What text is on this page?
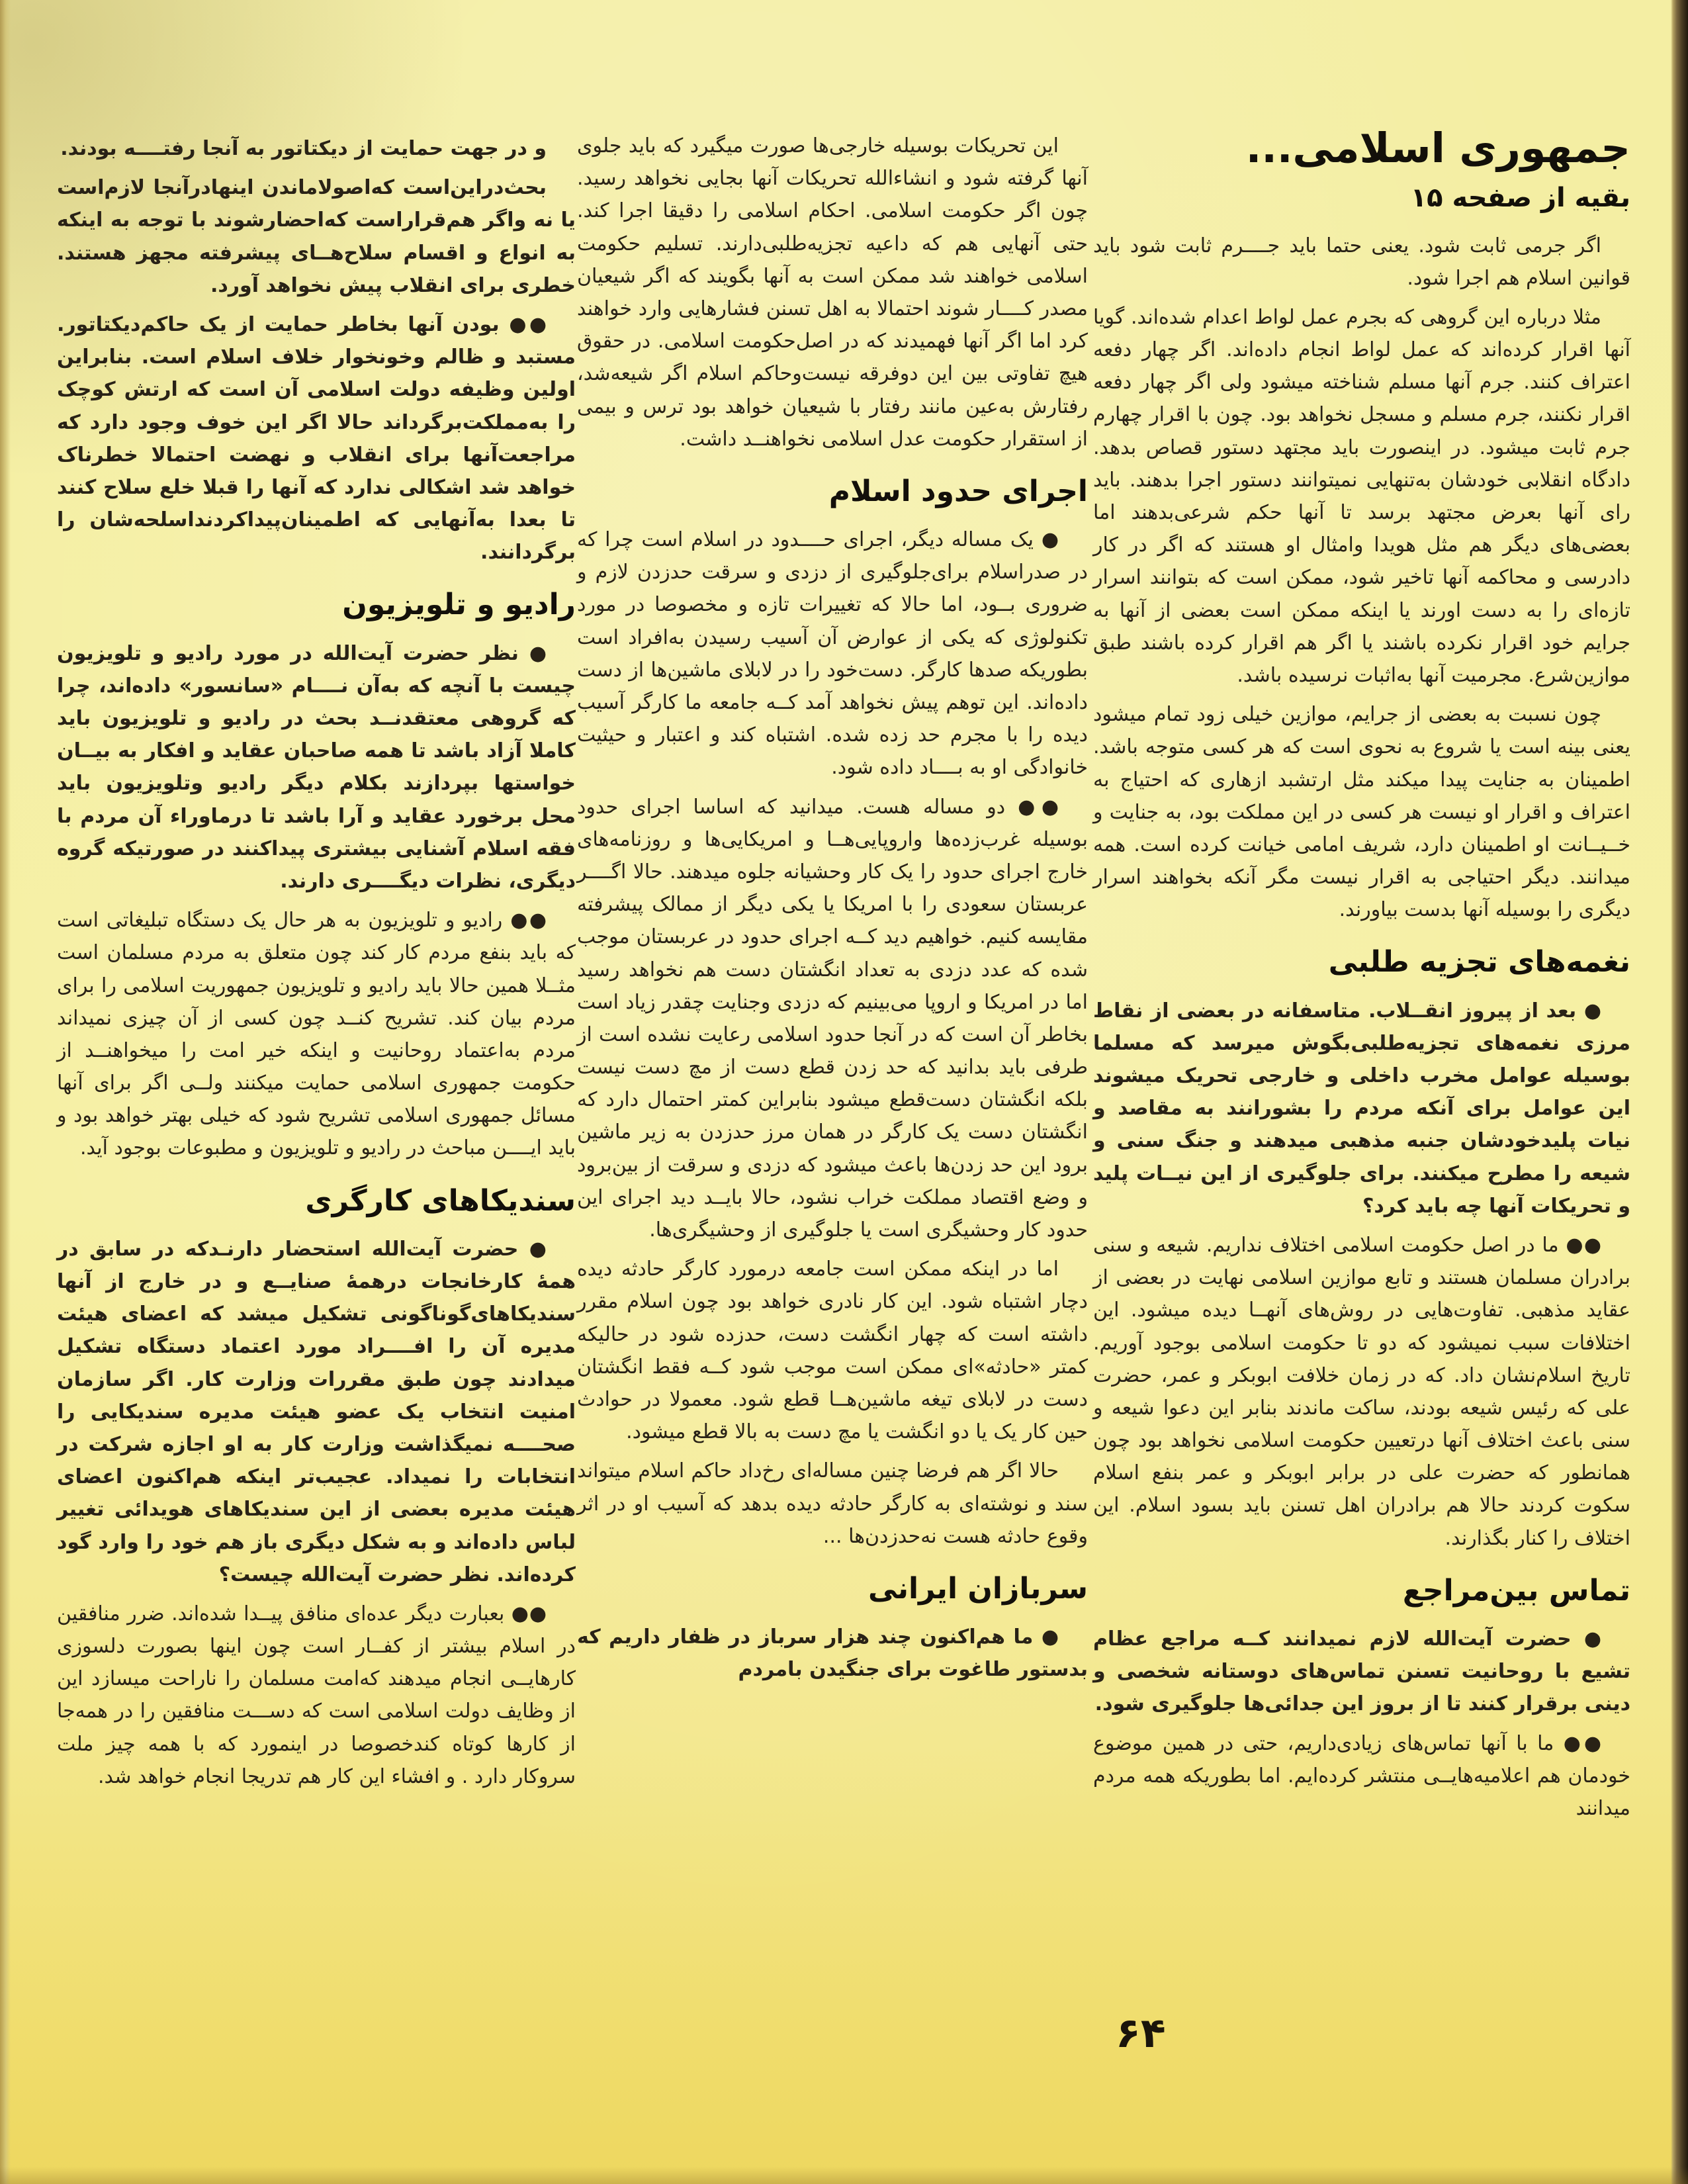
جمهوری اسلامی...
بقیه از صفحه ۱۵
اگر جرمی ثابت شود. یعنی حتما باید جــــرم ثابت شود باید قوانین اسلام هم اجرا شود.
مثلا درباره این گروهی که بجرم عمل لواط اعدام شده‌اند. گویا آنها اقرار کرده‌اند که عمل لواط انجام داده‌اند. اگر چهار دفعه اعتراف کنند. جرم آنها مسلم شناخته میشود ولی اگر چهار دفعه اقرار نکنند، جرم مسلم و مسجل نخواهد بود. چون با اقرار چهارم جرم ثابت میشود. در اینصورت باید مجتهد دستور قصاص بدهد. دادگاه انقلابی خودشان به‌تنهایی نمیتوانند دستور اجرا بدهند. باید رای آنها بعرض مجتهد برسد تا آنها حکم شرعی‌بدهند اما بعضی‌های دیگر هم مثل هویدا وامثال او هستند که اگر در کار دادرسی و محاکمه آنها تاخیر شود، ممکن است که بتوانند اسرار تازه‌ای را به دست اورند یا اینکه ممکن است بعضی از آنها به جرایم خود اقرار نکرده باشند یا اگر هم اقرار کرده باشند طبق موازین‌شرع. مجرمیت آنها به‌اثبات نرسیده باشد.
چون نسبت به بعضی از جرایم، موازین خیلی زود تمام میشود یعنی بینه است یا شروع به نحوی است که هر کسی متوجه باشد. اطمینان به جنایت پیدا میکند مثل ارتشبد ازهاری که احتیاج به اعتراف و اقرار او نیست هر کسی در این مملکت بود، به جنایت و خــیــانت او اطمینان دارد، شریف امامی خیانت کرده است. همه میدانند. دیگر احتیاجی به اقرار نیست مگر آنکه بخواهند اسرار دیگری را بوسیله آنها بدست بیاورند.
نغمه‌های تجزیه طلبی
● بعد از پیروز انقــلاب. متاسفانه در بعضی از نقاط مرزی نغمه‌های تجزیه‌طلبی‌بگوش میرسد که مسلما بوسیله عوامل مخرب داخلی و خارجی تحریک میشوند این عوامل برای آنکه مردم را بشورانند به مقاصد و نیات پلیدخودشان جنبه مذهبی میدهند و جنگ سنی و شیعه را مطرح میکنند. برای جلوگیری از این نیــات پلید و تحریکات آنها چه باید کرد؟
●● ما در اصل حکومت اسلامی اختلاف نداریم. شیعه و سنی برادران مسلمان هستند و تابع موازین اسلامی نهایت در بعضی از عقاید مذهبی. تفاوت‌هایی در روش‌های آنهــا دیده میشود. این اختلافات سبب نمیشود که دو تا حکومت اسلامی بوجود آوریم. تاریخ اسلام‌نشان داد. که در زمان خلافت ابوبکر و عمر، حضرت علی که رئیس شیعه بودند، ساکت ماندند بنابر این دعوا شیعه و سنی باعث اختلاف آنها درتعیین حکومت اسلامی نخواهد بود چون همانطور که حضرت علی در برابر ابوبکر و عمر بنفع اسلام سکوت کردند حالا هم برادران اهل تسنن باید بسود اسلام. این اختلاف را کنار بگذارند.
تماس بین‌مراجع
● حضرت آیت‌الله لازم نمیدانند کــه مراجع عظام تشیع با روحانیت تسنن تماس‌های دوستانه شخصی و دینی برقرار کنند تا از بروز این جدائی‌ها جلوگیری شود.
●● ما با آنها تماس‌های زیادی‌داریم، حتی در همین موضوع خودمان هم اعلامیه‌هایــی منتشر کرده‌ایم. اما بطوریکه همه مردم میدانند
این تحریکات بوسیله خارجی‌ها صورت میگیرد که باید جلوی آنها گرفته شود و انشاءالله تحریکات آنها بجایی نخواهد رسید. چون اگر حکومت اسلامی. احکام اسلامی را دقیقا اجرا کند. حتی آنهایی هم که داعیه تجزیه‌طلبی‌دارند. تسلیم حکومت اسلامی خواهند شد ممکن است به آنها بگویند که اگر شیعیان مصدر کــــار شوند احتمالا به اهل تسنن فشارهایی وارد خواهند کرد اما اگر آنها فهمیدند که در اصل‌حکومت اسلامی. در حقوق هیچ تفاوتی بین این دوفرقه نیست‌وحاکم اسلام اگر شیعه‌شد، رفتارش به‌عین مانند رفتار با شیعیان خواهد بود ترس و بیمی از استقرار حکومت عدل اسلامی نخواهنــد داشت.
اجرای حدود اسلام
● یک مساله دیگر، اجرای حــــدود در اسلام است چرا که در صدراسلام برای‌جلوگیری از دزدی و سرقت حدزدن لازم و ضروری بــود، اما حالا که تغییرات تازه و مخصوصا در مورد تکنولوژی که یکی از عوارض آن آسیب رسیدن به‌افراد است بطوریکه صدها کارگر. دست‌خود را در لابلای ماشین‌ها از دست داده‌اند. این توهم پیش نخواهد آمد کــه جامعه ما کارگر آسیب دیده را با مجرم حد زده شده. اشتباه کند و اعتبار و حیثیت خانوادگی او به بــــاد داده شود.
●● دو مساله هست. میدانید که اساسا اجرای حدود بوسیله غرب‌زده‌ها واروپایی‌هــا و امریکایی‌ها و روزنامه‌های خارج اجرای حدود را یک کار وحشیانه جلوه میدهند. حالا اگــــر عربستان سعودی را با امریکا یا یکی دیگر از ممالک پیشرفته مقایسه کنیم. خواهیم دید کــه اجرای حدود در عربستان موجب شده که عدد دزدی به تعداد انگشتان دست هم نخواهد رسید اما در امریکا و اروپا می‌بینیم که دزدی وجنایت چقدر زیاد است بخاطر آن است که در آنجا حدود اسلامی رعایت نشده است از طرفی باید بدانید که حد زدن قطع دست از مچ دست نیست بلکه انگشتان دست‌قطع میشود بنابراین کمتر احتمال دارد که انگشتان دست یک کارگر در همان مرز حدزدن به زیر ماشین برود این حد زدن‌ها باعث میشود که دزدی و سرقت از بین‌برود و وضع اقتصاد مملکت خراب نشود، حالا بایــد دید اجرای این حدود کار وحشیگری است یا جلوگیری از وحشیگری‌ها.
اما در اینکه ممکن است جامعه درمورد کارگر حادثه دیده دچار اشتباه شود. این کار نادری خواهد بود چون اسلام مقرر داشته است که چهار انگشت دست، حدزده شود در حالیکه کمتر «حادثه»ای ممکن است موجب شود کــه فقط انگشتان دست در لابلای تیغه ماشین‌هــا قطع شود. معمولا در حوادث حین کار یک یا دو انگشت یا مچ دست به بالا قطع میشود.
حالا اگر هم فرضا چنین مساله‌ای رخ‌داد حاکم اسلام میتواند سند و نوشته‌ای به کارگر حادثه دیده بدهد که آسیب او در اثر وقوع حادثه هست نه‌حدزدن‌ها ...
سربازان ایرانی
● ما هم‌اکنون چند هزار سرباز در ظفار داریم که بدستور طاغوت برای جنگیدن بامردم
و در جهت حمایت از دیکتاتور به آنجا رفتــــه بودند.
بحث‌دراین‌است که‌اصولاماندن اینهادرآنجا لازم‌است یا نه واگر هم‌قراراست که‌احضارشوند با توجه به اینکه به انواع و اقسام سلاح‌هــای پیشرفته مجهز هستند. خطری برای انقلاب پیش نخواهد آورد.
●● بودن آنها بخاطر حمایت از یک حاکم‌دیکتاتور. مستبد و ظالم وخونخوار خلاف اسلام است. بنابراین اولین وظیفه دولت اسلامی آن است که ارتش کوچک را به‌مملکت‌برگرداند حالا اگر این خوف وجود دارد که مراجعت‌آنها برای انقلاب و نهضت احتمالا خطرناک خواهد شد اشکالی ندارد که آنها را قبلا خلع سلاح کنند تا بعدا به‌آنهایی که اطمینان‌پیداکردنداسلحه‌شان را برگردانند.
رادیو و تلویزیون
● نظر حضرت آیت‌الله در مورد رادیو و تلویزیون چیست با آنچه که به‌آن نــــام «سانسور» داده‌اند، چرا که گروهی معتقدنــد بحث در رادیو و تلویزیون باید کاملا آزاد باشد تا همه صاحبان عقاید و افکار به بیــان خواستها بپردازند بکلام دیگر رادیو وتلویزیون باید محل برخورد عقاید و آرا باشد تا درماوراء آن مردم با فقه اسلام آشنایی بیشتری پیداکنند در صورتیکه گروه دیگری، نظرات دیگــــری دارند.
●● رادیو و تلویزیون به هر حال یک دستگاه تبلیغاتی است که باید بنفع مردم کار کند چون متعلق به مردم مسلمان است مثــلا همین حالا باید رادیو و تلویزیون جمهوریت اسلامی را برای مردم بیان کند. تشریح کنــد چون کسی از آن چیزی نمیداند مردم به‌اعتماد روحانیت و اینکه خیر امت را میخواهنــد از حکومت جمهوری اسلامی حمایت میکنند ولــی اگر برای آنها مسائل جمهوری اسلامی تشریح شود که خیلی بهتر خواهد بود و باید ایــــن مباحث در رادیو و تلویزیون و مطبوعات بوجود آید.
سندیکاهای کارگری
● حضرت آیت‌الله استحضار دارنـدکه در سابق در همهٔ کارخانجات درهمهٔ صنایــع و در خارج از آنها سندیکاهای‌گوناگونی تشکیل میشد که اعضای هیئت مدیره آن را افــــراد مورد اعتماد دستگاه تشکیل میدادند چون طبق مقررات وزارت کار. اگر سازمان امنیت انتخاب یک عضو هیئت مدیره سندیکایی را صحــــه نمیگذاشت وزارت کار به او اجازه شرکت در انتخابات را نمیداد. عجیب‌تر اینکه هم‌اکنون اعضای هیئت مدیره بعضی از این سندیکاهای هویدائی تغییر لباس داده‌اند و به شکل دیگری باز هم خود را وارد گود کرده‌اند. نظر حضرت آیت‌الله چیست؟
●● بعبارت دیگر عده‌ای منافق پیــدا شده‌اند. ضرر منافقین در اسلام بیشتر از کفــار است چون اینها بصورت دلسوزی کارهایــی انجام میدهند که‌امت مسلمان را ناراحت میسازد این از وظایف دولت اسلامی است که دســـت منافقین را در همه‌جا از کارها کوتاه کندخصوصا در اینمورد که با همه چیز ملت سروکار دارد . و افشاء این کار هم تدریجا انجام خواهد شد.
۶۴
